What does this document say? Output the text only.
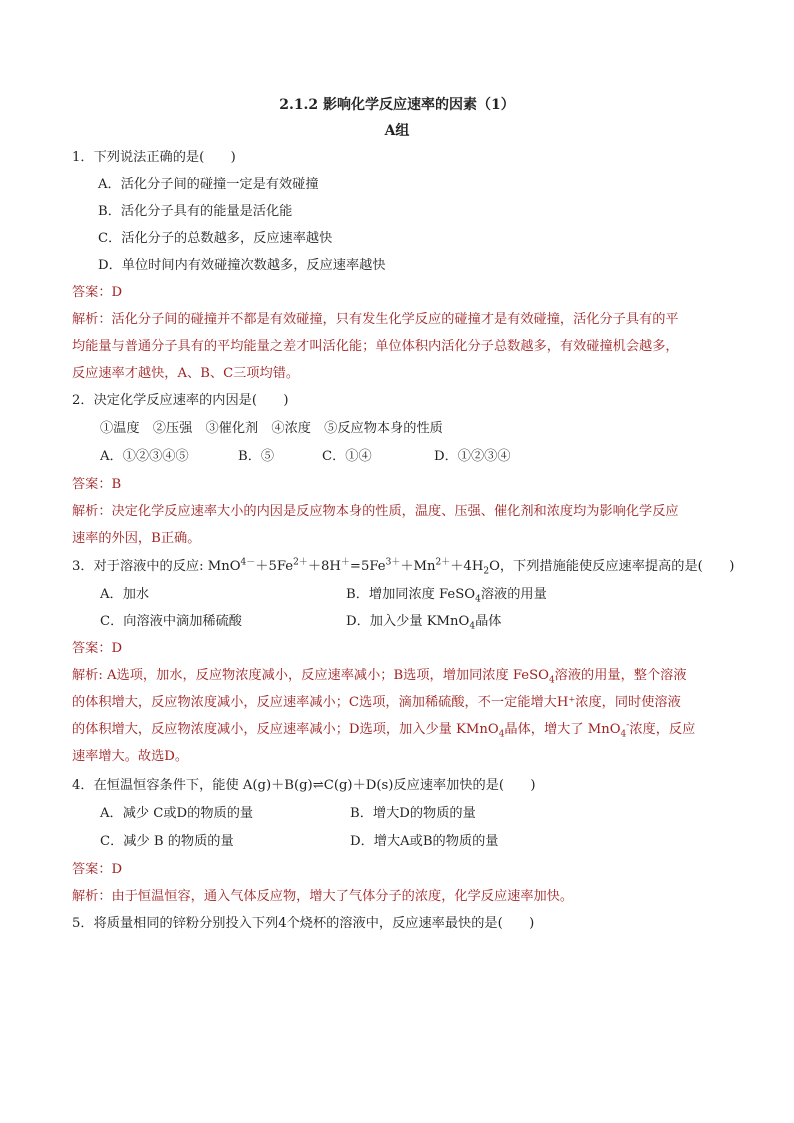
2.1.2 影响化学反应速率的因素（1）
A组
1．下列说法正确的是(　　)
A．活化分子间的碰撞一定是有效碰撞
B．活化分子具有的能量是活化能
C．活化分子的总数越多，反应速率越快
D．单位时间内有效碰撞次数越多，反应速率越快
答案：D
解析：活化分子间的碰撞并不都是有效碰撞，只有发生化学反应的碰撞才是有效碰撞，活化分子具有的平
均能量与普通分子具有的平均能量之差才叫活化能；单位体积内活化分子总数越多，有效碰撞机会越多，
反应速率才越快，A、B、C三项均错。
2．决定化学反应速率的内因是(　　)
①温度　②压强　③催化剂　④浓度　⑤反应物本身的性质
A．①②③④⑤	B．⑤	C．①④	D．①②③④
答案：B
解析：决定化学反应速率大小的内因是反应物本身的性质，温度、压强、催化剂和浓度均为影响化学反应
速率的外因，B正确。
3．对于溶液中的反应: $MnO^{4-}+5Fe^{2+}+8H^+=5Fe^{3+}+Mn^{2+}+4H_2O$，下列措施能使反应速率提高的是(　　)
A．加水	B．增加同浓度 FeSO$_4$溶液的用量
C．向溶液中滴加稀硫酸	D．加入少量 KMnO$_4$晶体
答案：D
解析: A选项，加水，反应物浓度减小，反应速率减小；B选项，增加同浓度 FeSO$_4$溶液的用量，整个溶液
的体积增大，反应物浓度减小，反应速率减小；C选项，滴加稀硫酸，不一定能增大H⁺浓度，同时使溶液
的体积增大，反应物浓度减小，反应速率减小；D选项，加入少量 KMnO$_4$晶体，增大了 MnO$_4$-浓度，反应
速率增大。故选D。
4．在恒温恒容条件下，能使 A(g)＋B(g)⇌C(g)＋D(s)反应速率加快的是(　　)
A．减少 C或D的物质的量	B．增大D的物质的量
C．减少 B 的物质的量	D．增大A或B的物质的量
答案：D
解析：由于恒温恒容，通入气体反应物，增大了气体分子的浓度，化学反应速率加快。
5．将质量相同的锌粉分别投入下列4个烧杯的溶液中，反应速率最快的是(　　)
